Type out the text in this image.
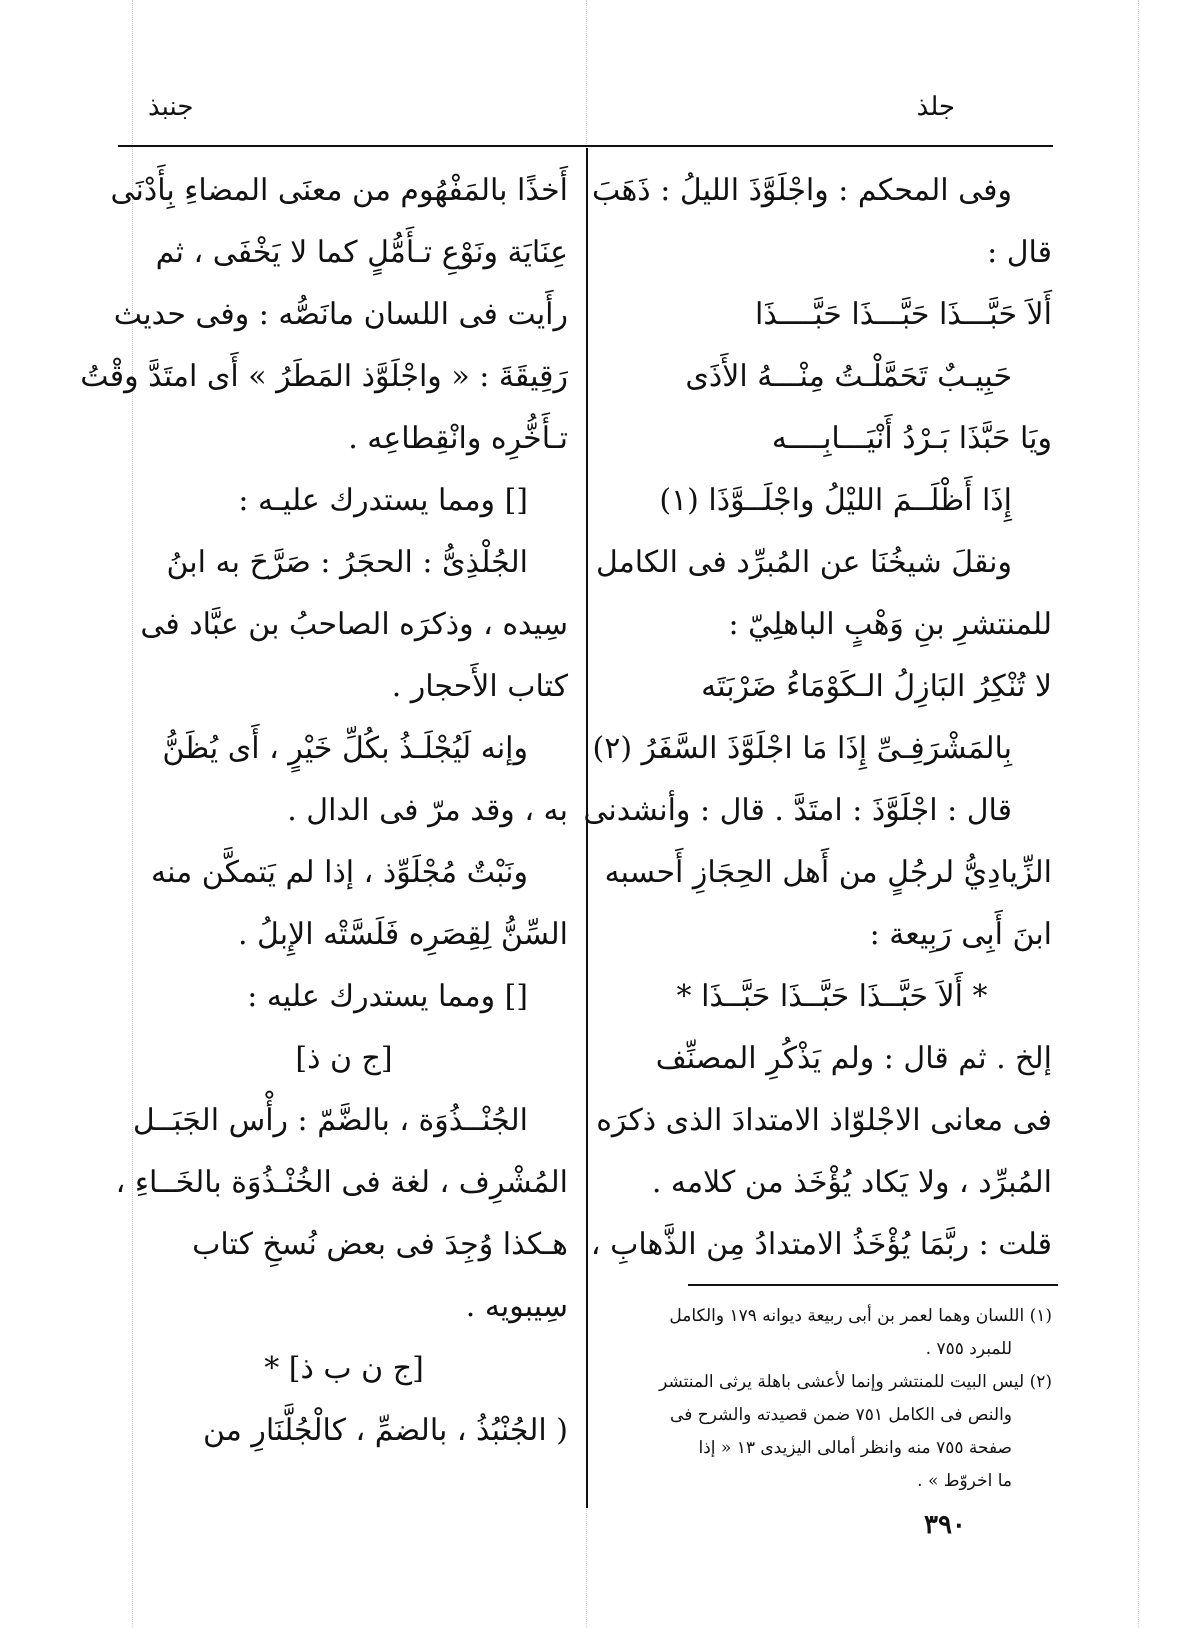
جلذ
جنبذ
وفى المحكم : واجْلَوَّذَ الليلُ : ذَهَبَ
قال :
أَلاَ حَبَّـــذَا حَبَّـــذَا حَبَّــــذَا
حَبِيـبٌ تَحَمَّلْـتُ مِنْـــهُ الأَذَى
ويَا حَبَّذَا بَـرْدُ أَنْيَـــابِــــه
إِذَا أَظْلَــمَ الليْلُ واجْلَــوَّذَا (١)
ونقلَ شيخُنَا عن المُبرِّد فى الكامل
للمنتشرِ بنِ وَهْبٍ الباهلِيّ :
لا تُنْكِرُ البَازِلُ الـكَوْمَاءُ ضَرْبَتَه
بِالمَشْرَفِـىِّ إِذَا مَا اجْلَوَّذَ السَّفَرُ (٢)
قال : اجْلَوَّذَ : امتَدَّ . قال : وأنشدنى
الزِّيادِيُّ لرجُلٍ من أَهل الحِجَازِ أَحسبه
ابنَ أَبِى رَبِيعة :
* أَلاَ حَبَّــذَا حَبَّــذَا حَبَّــذَا *
إلخ . ثم قال : ولم يَذْكُرِ المصنِّف
فى معانى الاجْلوّاذ الامتدادَ الذى ذكرَه
المُبرِّد ، ولا يَكاد يُؤْخَذ من كلامه .
قلت : ربَّمَا يُؤْخَذُ الامتدادُ مِن الذَّهابِ ،
أَخذًا بالمَفْهُوم من معنَى المضاءِ بِأَدْنَى
عِنَايَة ونَوْعِ تـأَمُّلٍ كما لا يَخْفَى ، ثم
رأَيت فى اللسان مانَصُّه : وفى حديث
رَقِيقَةَ : « واجْلَوَّذ المَطَرُ » أَى امتَدَّ وقْتُ
تـأَخُّرِه وانْقِطاعِه .
[] ومما يستدرك عليـه :
الجُلْذِىُّ : الحجَرُ : صَرَّحَ به ابنُ
سِيده ، وذكرَه الصاحبُ بن عبَّاد فى
كتاب الأَحجار .
وإنه لَيُجْلَـذُ بكُلِّ خَيْرٍ ، أَى يُظَنُّ
به ، وقد مرّ فى الدال .
ونَبْتٌ مُجْلَوِّذ ، إذا لم يَتمكَّن منه
السِّنُّ لِقِصَرِه فَلَسَّتْه الإِبلُ .
[] ومما يستدرك عليه :
[ج ن ذ]
الجُنْــذُوَة ، بالضَّمّ : رأْس الجَبَــل
المُشْرِف ، لغة فى الخُنْـذُوَة بالخَــاءِ ،
هـكذا وُجِدَ فى بعض نُسخِ كتاب
سِيبويه .
[ج ن ب ذ] *
( الجُنْبُذُ ، بالضمِّ ، كالْجُلَّنَارِ من
(١) اللسان وهما لعمر بن أبى ربيعة ديوانه ١٧٩ والكامل
للمبرد ٧٥٥ .
(٢) ليس البيت للمنتشر وإنما لأعشى باهلة يرثى المنتشر
والنص فى الكامل ٧٥١ ضمن قصيدته والشرح فى
صفحة ٧٥٥ منه وانظر أمالى اليزيدى ١٣ « إذا
ما اخروّط » .
٣٩٠
